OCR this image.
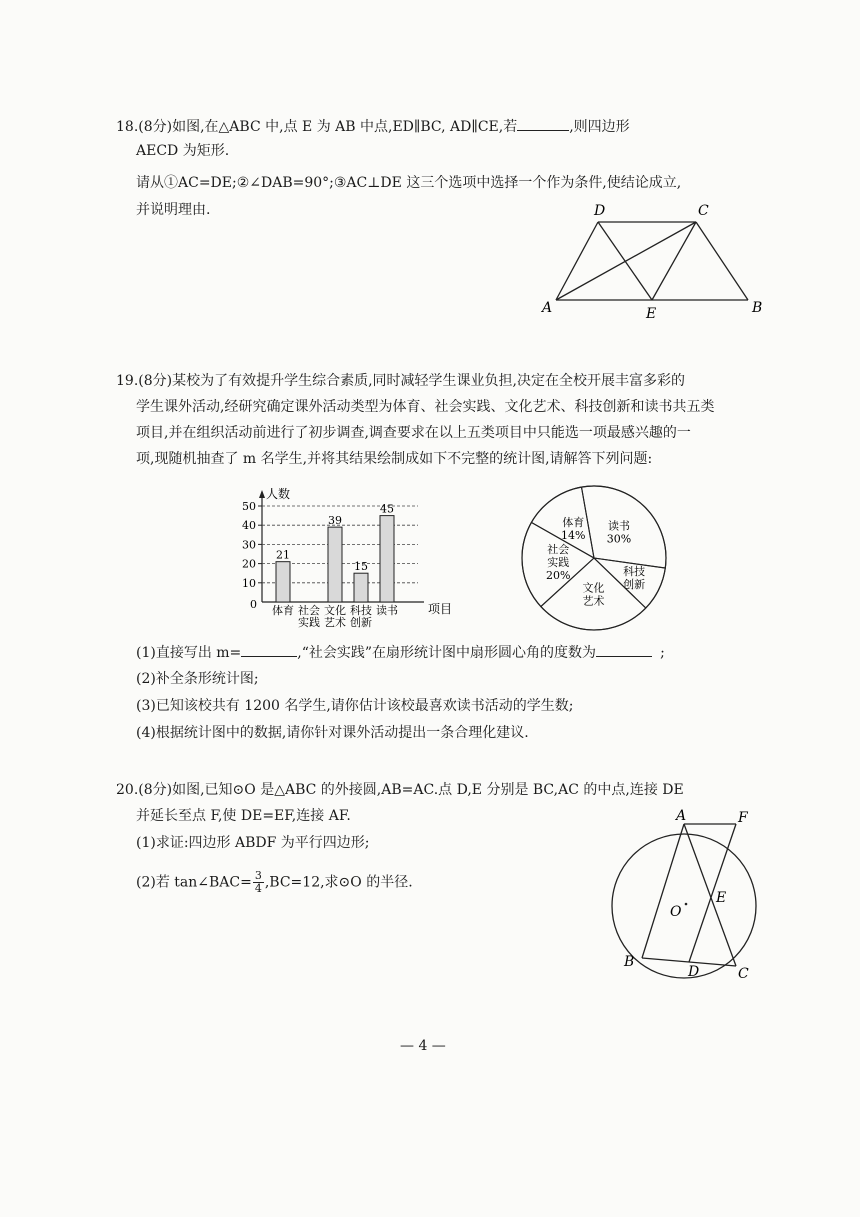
18.(8分)如图,在△ABC 中,点 E 为 AB 中点,ED∥BC, AD∥CE,若	,则四边形
AECD 为矩形.
请从①AC=DE;②∠DAB=90°;③AC⊥DE 这三个选项中选择一个作为条件,使结论成立,
并说明理由.	D	C
A	E	B
19.(8分)某校为了有效提升学生综合素质,同时减轻学生课业负担,决定在全校开展丰富多彩的
学生课外活动,经研究确定课外活动类型为体育、社会实践、文化艺术、科技创新和读书共五类
项目,并在组织活动前进行了初步调查,调查要求在以上五类项目中只能选一项最感兴趣的一
项,现随机抽查了 m 名学生,并将其结果绘制成如下不完整的统计图,请解答下列问题:
人数
项目
0
10
20
30
40
50
21
体育 社会
实践
39
文化
艺术
15
科技
创新
45
读书
读书
30%
科技
创新
文化
艺术
社会
实践
20%
体育
14%
(1)直接写出 m=	,“社会实践”在扇形统计图中扇形圆心角的度数为	;
(2)补全条形统计图;
(3)已知该校共有 1200 名学生,请你估计该校最喜欢读书活动的学生数;
(4)根据统计图中的数据,请你针对课外活动提出一条合理化建议.
20.(8分)如图,已知⊙O 是△ABC 的外接圆,AB=AC.点 D,E 分别是 BC,AC 的中点,连接 DE
并延长至点 F,使 DE=EF,连接 AF.
(1)求证:四边形 ABDF 为平行四边形;
(2)若 tan∠BAC= $\frac{3}{4} ,BC=12$,求⊙O 的半径.
A	F
O
E
B
D	C
— 4 —
